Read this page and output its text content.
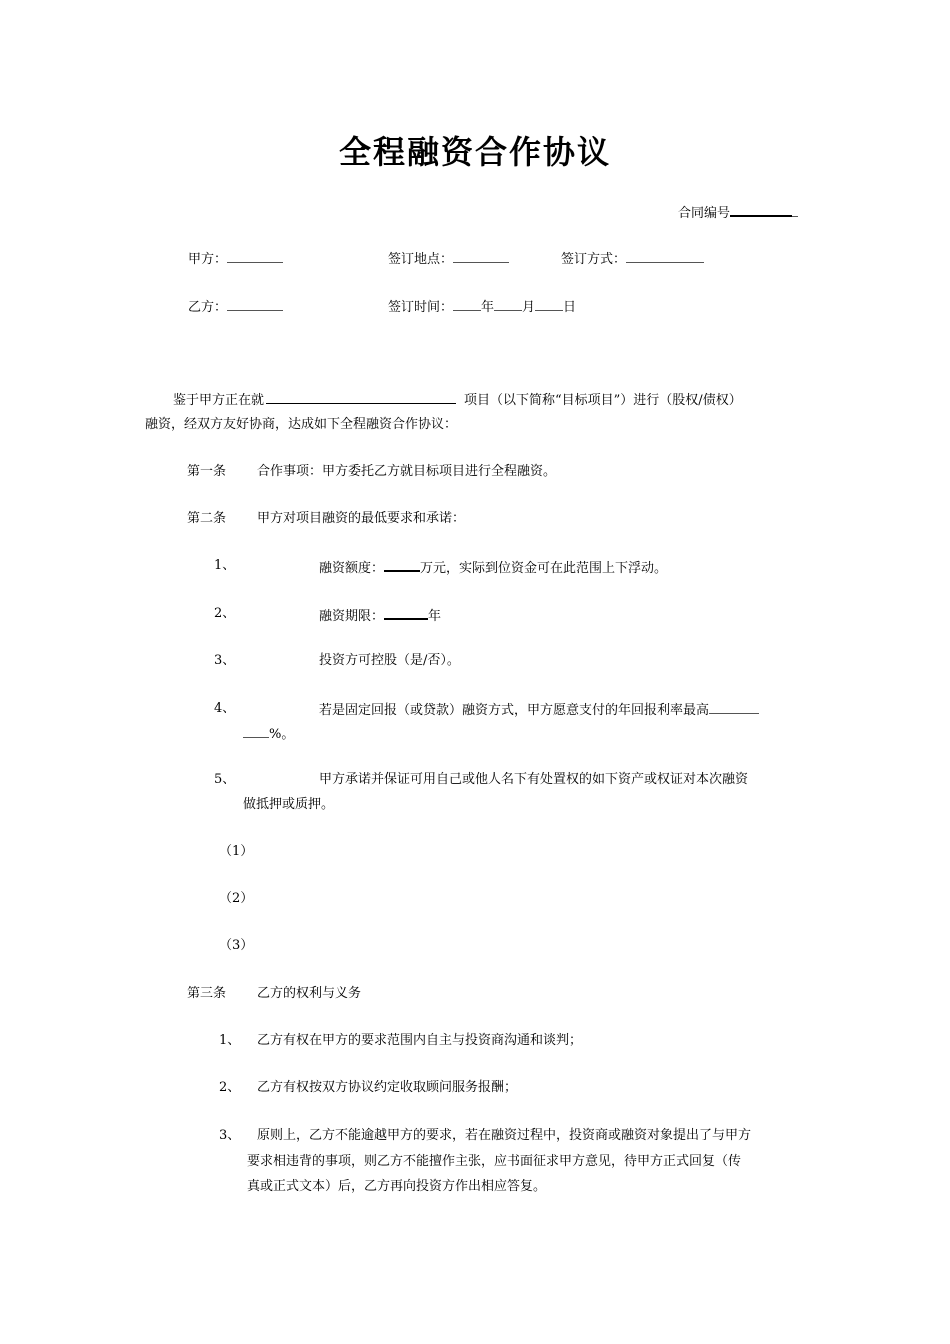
全程融资合作协议
合同编号
甲方：	签订地点：	签订方式：
乙方：	签订时间： 年 月 日
鉴于甲方正在就	项目（以下简称“目标项目”）进行（股权/债权）
融资，经双方友好协商，达成如下全程融资合作协议：
第一条 合作事项：甲方委托乙方就目标项目进行全程融资。
第二条 甲方对项目融资的最低要求和承诺：
1、	融资额度：	万元，实际到位资金可在此范围上下浮动。
2、	融资期限：	年
3、	投资方可控股（是/否）。
4、	若是固定回报（或贷款）融资方式，甲方愿意支付的年回报利率最高
%。
5、	甲方承诺并保证可用自己或他人名下有处置权的如下资产或权证对本次融资
做抵押或质押。
（1）
（2）
（3）
第三条 乙方的权利与义务
1、 乙方有权在甲方的要求范围内自主与投资商沟通和谈判；
2、 乙方有权按双方协议约定收取顾问服务报酬；
3、 原则上，乙方不能逾越甲方的要求，若在融资过程中，投资商或融资对象提出了与甲方
要求相违背的事项，则乙方不能擅作主张，应书面征求甲方意见，待甲方正式回复（传
真或正式文本）后，乙方再向投资方作出相应答复。
